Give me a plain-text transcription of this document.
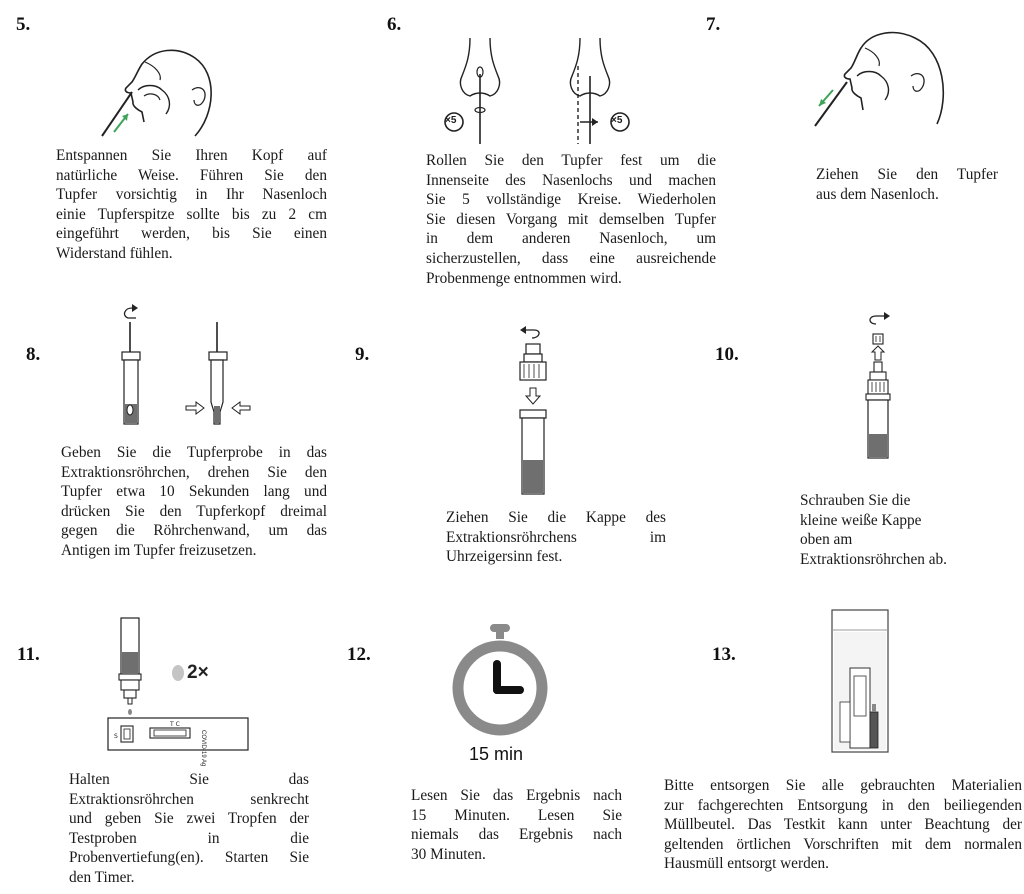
5.
Entspannen Sie Ihren Kopf auf
natürliche Weise. Führen Sie den
Tupfer vorsichtig in Ihr Nasenloch
einie Tupferspitze sollte bis zu 2 cm
eingeführt werden, bis Sie einen
Widerstand fühlen.
6.
×5	×5
Rollen Sie den Tupfer fest um die
Innenseite des Nasenlochs und machen
Sie 5 vollständige Kreise. Wiederholen
Sie diesen Vorgang mit demselben Tupfer
in dem anderen Nasenloch, um
sicherzustellen, dass eine ausreichende
Probenmenge entnommen wird.
7.
Ziehen Sie den Tupfer
aus dem Nasenloch.
8.
Geben Sie die Tupferprobe in das
Extraktionsröhrchen, drehen Sie den
Tupfer etwa 10 Sekunden lang und
drücken Sie den Tupferkopf dreimal
gegen die Röhrchenwand, um das
Antigen im Tupfer freizusetzen.
9.
Ziehen Sie die Kappe des
Extraktionsröhrchens im
Uhrzeigersinn fest.
10.
Schrauben Sie die
kleine weiße Kappe
oben am
Extraktionsröhrchen ab.
11.
T C
S	COVID-19 Ag
2×
Halten Sie das
Extraktionsröhrchen senkrecht
und geben Sie zwei Tropfen der
Testproben in die
Probenvertiefung(en). Starten Sie
den Timer.
12.
15 min
Lesen Sie das Ergebnis nach
15 Minuten. Lesen Sie
niemals das Ergebnis nach
30 Minuten.
13.
Bitte entsorgen Sie alle gebrauchten Materialien
zur fachgerechten Entsorgung in den beiliegenden
Müllbeutel. Das Testkit kann unter Beachtung der
geltenden örtlichen Vorschriften mit dem normalen
Hausmüll entsorgt werden.
